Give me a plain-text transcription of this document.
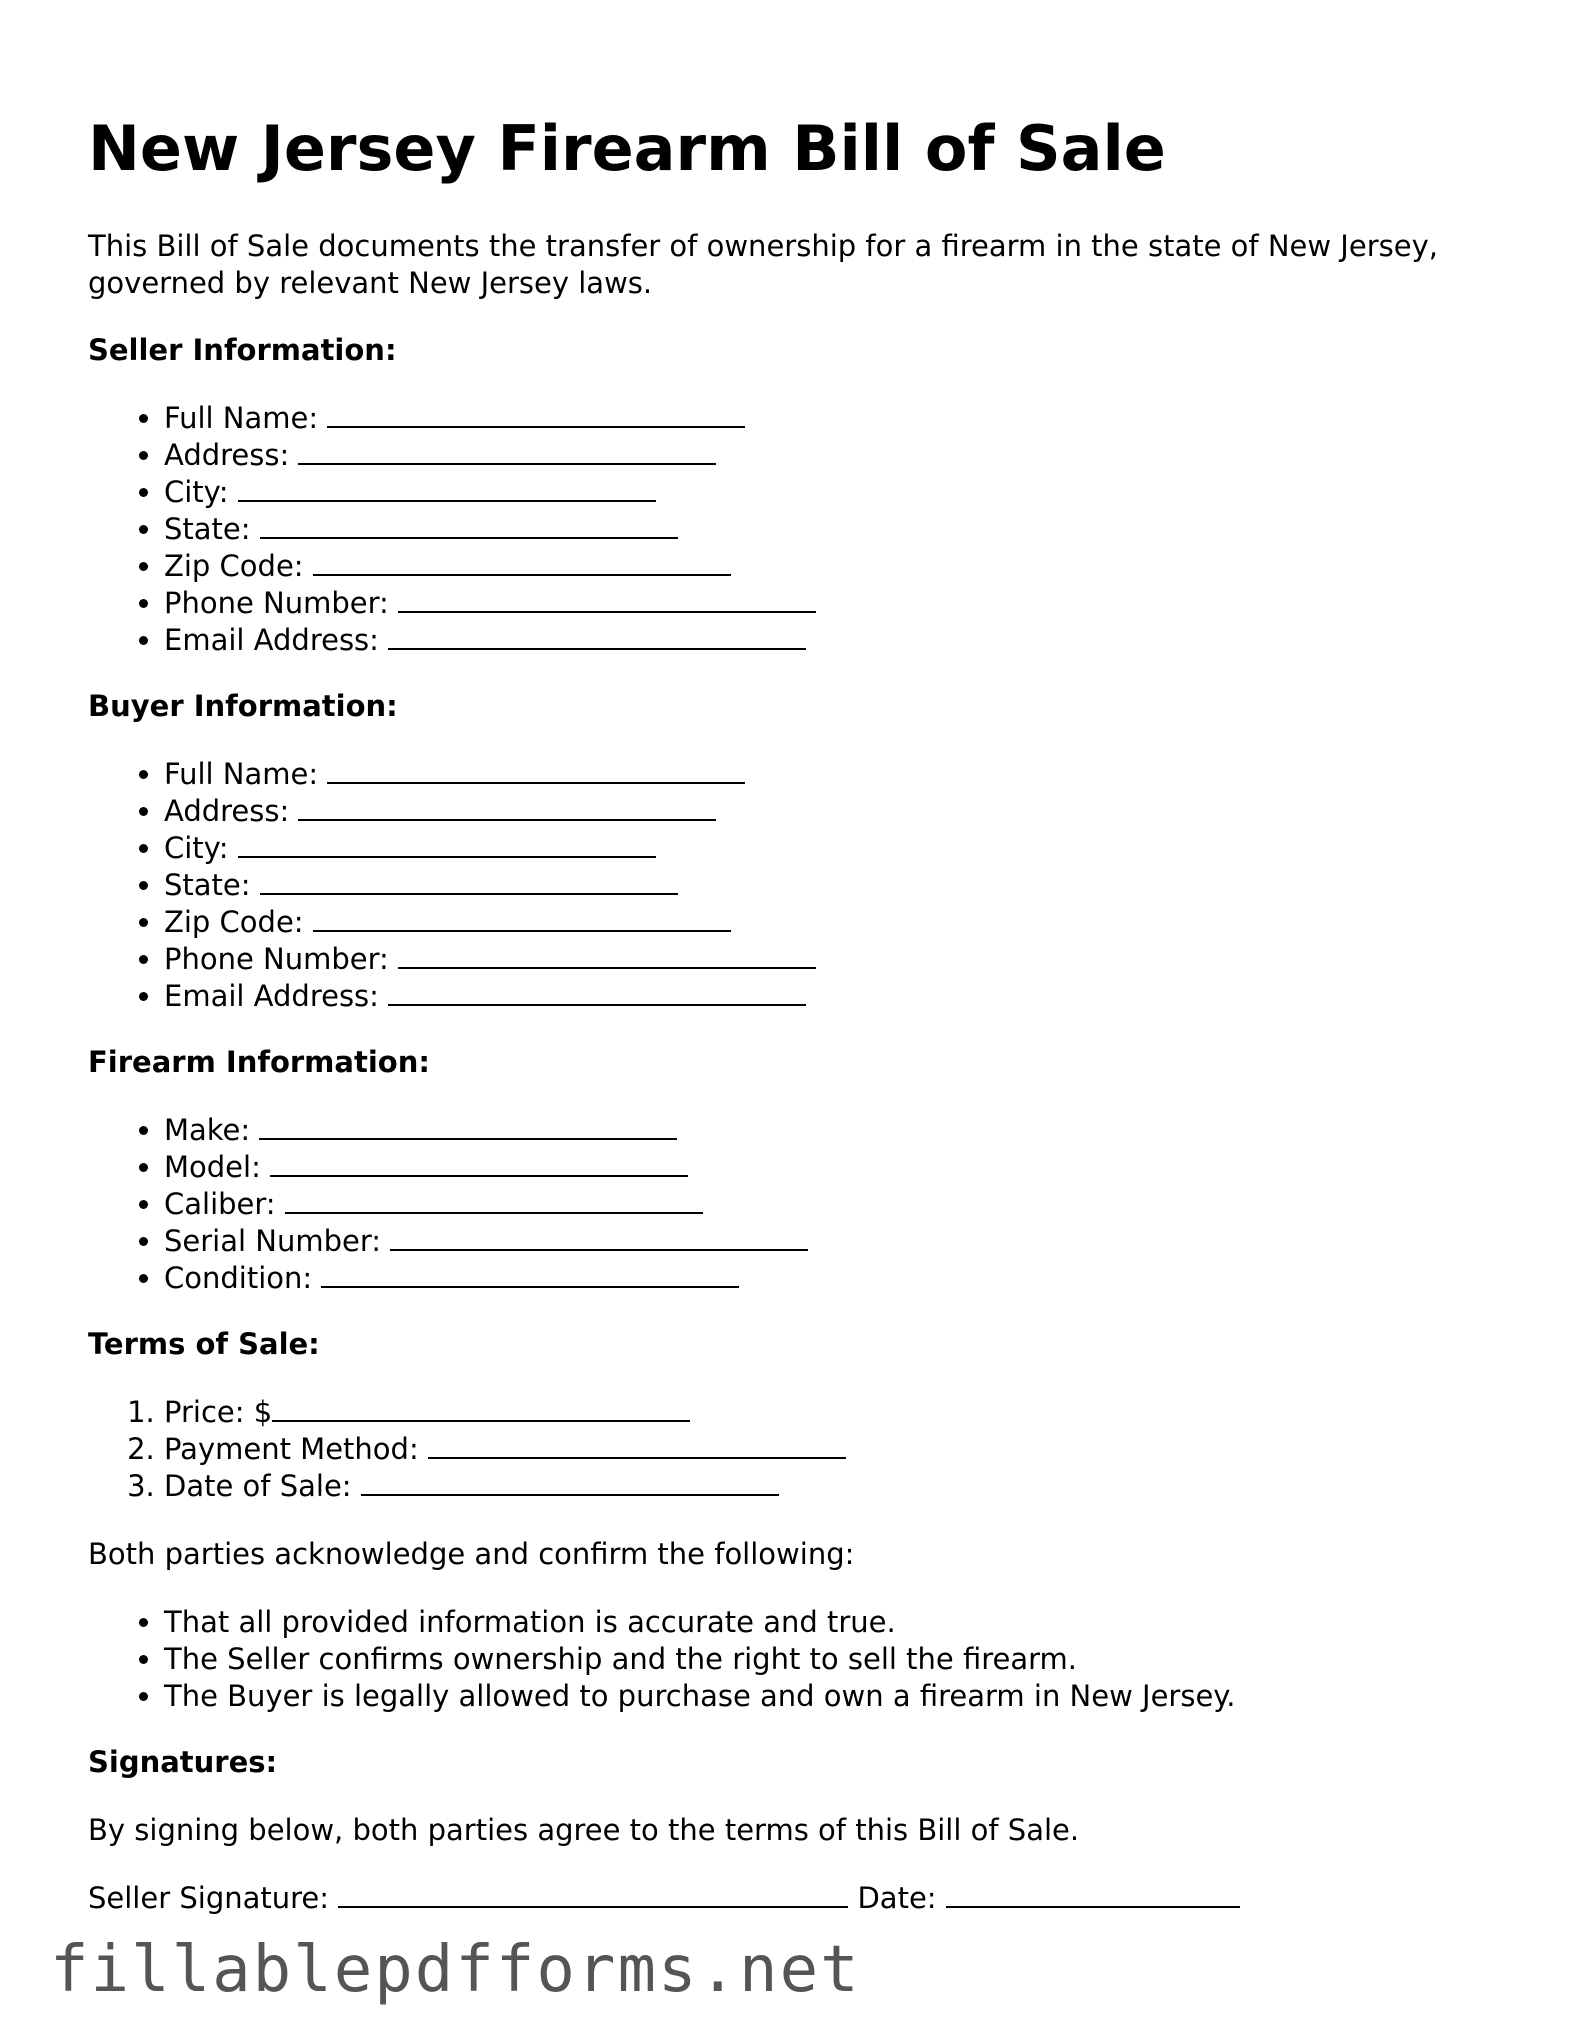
New Jersey Firearm Bill of Sale

This Bill of Sale documents the transfer of ownership for a firearm in the state of New Jersey, governed by relevant New Jersey laws.

Seller Information:

• Full Name:
• Address:
• City:
• State:
• Zip Code:
• Phone Number:
• Email Address:

Buyer Information:

• Full Name:
• Address:
• City:
• State:
• Zip Code:
• Phone Number:
• Email Address:

Firearm Information:

• Make:
• Model:
• Caliber:
• Serial Number:
• Condition:

Terms of Sale:

1. Price: $
2. Payment Method:
3. Date of Sale:

Both parties acknowledge and confirm the following:

• That all provided information is accurate and true.
• The Seller confirms ownership and the right to sell the firearm.
• The Buyer is legally allowed to purchase and own a firearm in New Jersey.

Signatures:

By signing below, both parties agree to the terms of this Bill of Sale.

Seller Signature:	Date:

fillablepdfforms.net
